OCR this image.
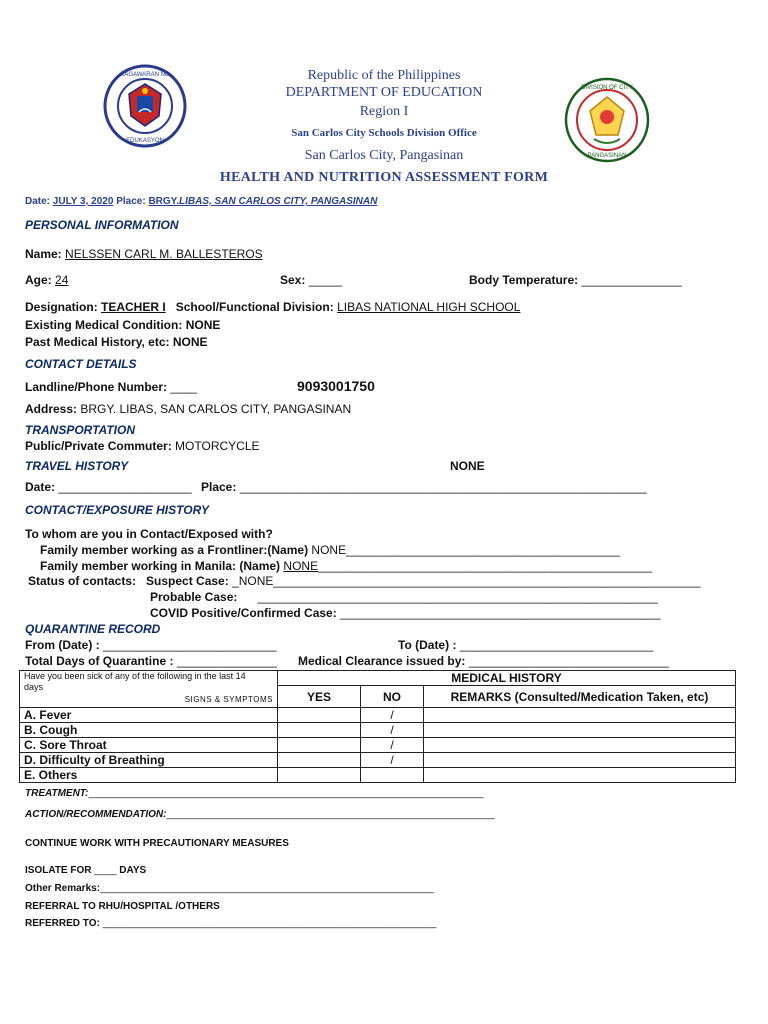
KAGAWARAN NG
EDUKASYON
DIVISION OF CITY
PANGASINAN
Republic of the Philippines
DEPARTMENT OF EDUCATION
Region I
San Carlos City Schools Division Office
San Carlos City, Pangasinan
HEALTH AND NUTRITION ASSESSMENT FORM
Date: JULY 3, 2020 Place: BRGY.LIBAS, SAN CARLOS CITY, PANGASINAN
PERSONAL INFORMATION
Name: NELSSEN CARL M. BALLESTEROS
Age: 24	Sex: _____	Body Temperature: _______________
Designation: TEACHER I School/Functional Division: LIBAS NATIONAL HIGH SCHOOL
Existing Medical Condition: NONE
Past Medical History, etc: NONE
CONTACT DETAILS
Landline/Phone Number: ____	9093001750
Address: BRGY. LIBAS, SAN CARLOS CITY, PANGASINAN
TRANSPORTATION
Public/Private Commuter: MOTORCYCLE
TRAVEL HISTORY	NONE
Date: ____________________ Place: _____________________________________________________________
CONTACT/EXPOSURE HISTORY
To whom are you in Contact/Exposed with?
Family member working as a Frontliner:(Name) NONE_________________________________________
Family member working in Manila: (Name) NONE__________________________________________________
Status of contacts: Suspect Case: _NONE________________________________________________________________
Probable Case: ____________________________________________________________
COVID Positive/Confirmed Case: ________________________________________________
QUARANTINE RECORD
From (Date) : __________________________	To (Date) : _____________________________
Total Days of Quarantine : _______________ Medical Clearance issued by: ______________________________
Have you been sick of any of the following in the last 14 days
SIGNS & SYMPTOMS	MEDICAL HISTORY		
	YES	NO	REMARKS (Consulted/Medication Taken, etc)
A. Fever		/	
B. Cough		/	
C. Sore Throat		/	
D. Difficulty of Breathing		/	
E. Others			
TREATMENT:_______________________________________________________________________
ACTION/RECOMMENDATION:___________________________________________________________
CONTINUE WORK WITH PRECAUTIONARY MEASURES
ISOLATE FOR ____ DAYS
Other Remarks:____________________________________________________________
REFERRAL TO RHU/HOSPITAL /OTHERS
REFERRED TO: ____________________________________________________________
